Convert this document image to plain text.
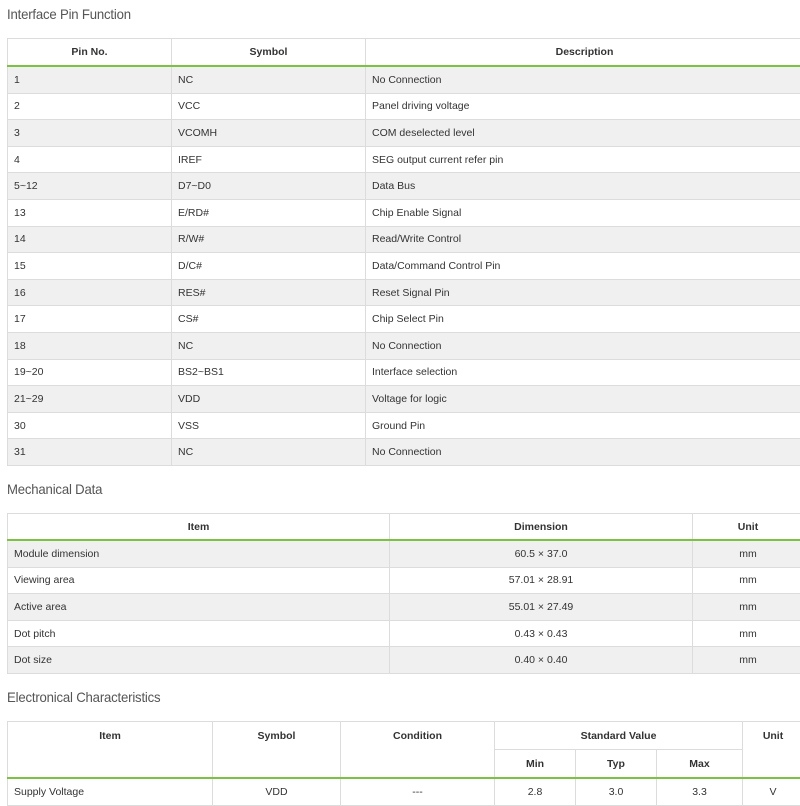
Interface Pin Function
Pin No.	Symbol	Description
1	NC	No Connection
2	VCC	Panel driving voltage
3	VCOMH	COM deselected level
4	IREF	SEG output current refer pin
5~12	D7~D0	Data Bus
13	E/RD#	Chip Enable Signal
14	R/W#	Read/Write Control
15	D/C#	Data/Command Control Pin
16	RES#	Reset Signal Pin
17	CS#	Chip Select Pin
18	NC	No Connection
19~20	BS2~BS1	Interface selection
21~29	VDD	Voltage for logic
30	VSS	Ground Pin
31	NC	No Connection
Mechanical Data
Item	Dimension	Unit
Module dimension	60.5 × 37.0	mm
Viewing area	57.01 × 28.91	mm
Active area	55.01 × 27.49	mm
Dot pitch	0.43 × 0.43	mm
Dot size	0.40 × 0.40	mm
Electronical Characteristics
Item	Symbol	Condition	Standard Value			Unit
			Min	Typ	Max	
Supply Voltage	VDD	---	2.8	3.0	3.3	V
